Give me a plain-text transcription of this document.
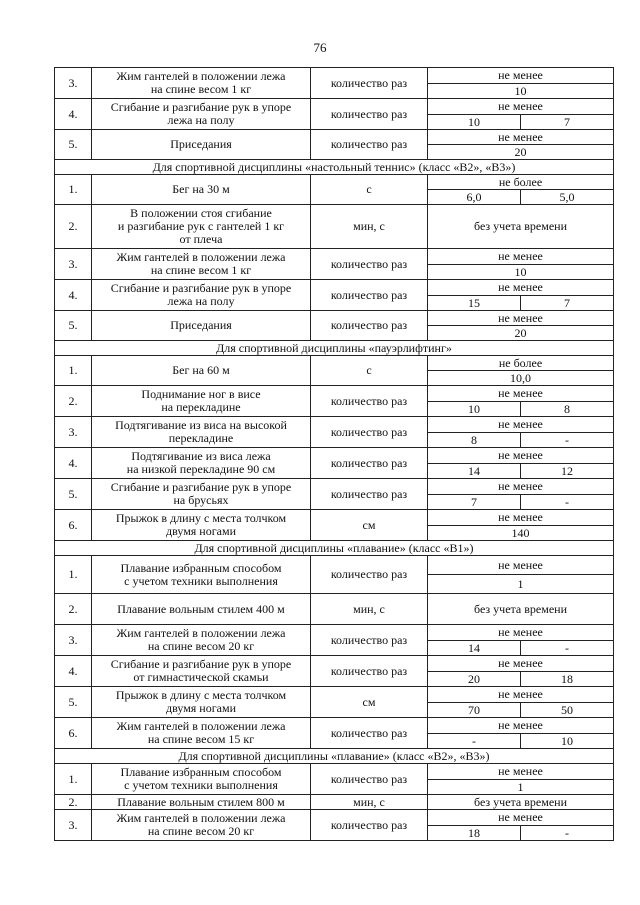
76
3.	Жим гантелей в положении лежа
на спине весом 1 кг	количество раз	не менее	
			10	
4.	Сгибание и разгибание рук в упоре
лежа на полу	количество раз	не менее	
			10	7
5.	Приседания	количество раз	не менее	
			20	
Для спортивной дисциплины «настольный теннис» (класс «В2», «В3»)				
1.	Бег на 30 м	с	не более	
			6,0	5,0
2.	В положении стоя сгибание
и разгибание рук с гантелей 1 кг
от плеча	мин, с	без учета времени	
3.	Жим гантелей в положении лежа
на спине весом 1 кг	количество раз	не менее	
			10	
4.	Сгибание и разгибание рук в упоре
лежа на полу	количество раз	не менее	
			15	7
5.	Приседания	количество раз	не менее	
			20	
Для спортивной дисциплины «пауэрлифтинг»				
1.	Бег на 60 м	с	не более	
			10,0	
2.	Поднимание ног в висе
на перекладине	количество раз	не менее	
			10	8
3.	Подтягивание из виса на высокой
перекладине	количество раз	не менее	
			8	-
4.	Подтягивание из виса лежа
на низкой перекладине 90 см	количество раз	не менее	
			14	12
5.	Сгибание и разгибание рук в упоре
на брусьях	количество раз	не менее	
			7	-
6.	Прыжок в длину с места толчком
двумя ногами	см	не менее	
			140	
Для спортивной дисциплины «плавание» (класс «В1»)				
1.	Плавание избранным способом
с учетом техники выполнения	количество раз	не менее	
			1	
2.	Плавание вольным стилем 400 м	мин, с	без учета времени	
3.	Жим гантелей в положении лежа
на спине весом 20 кг	количество раз	не менее	
			14	-
4.	Сгибание и разгибание рук в упоре
от гимнастической скамьи	количество раз	не менее	
			20	18
5.	Прыжок в длину с места толчком
двумя ногами	см	не менее	
			70	50
6.	Жим гантелей в положении лежа
на спине весом 15 кг	количество раз	не менее	
			-	10
Для спортивной дисциплины «плавание» (класс «В2», «В3»)				
1.	Плавание избранным способом
с учетом техники выполнения	количество раз	не менее	
			1	
2.	Плавание вольным стилем 800 м	мин, с	без учета времени	
3.	Жим гантелей в положении лежа
на спине весом 20 кг	количество раз	не менее	
			18	-
